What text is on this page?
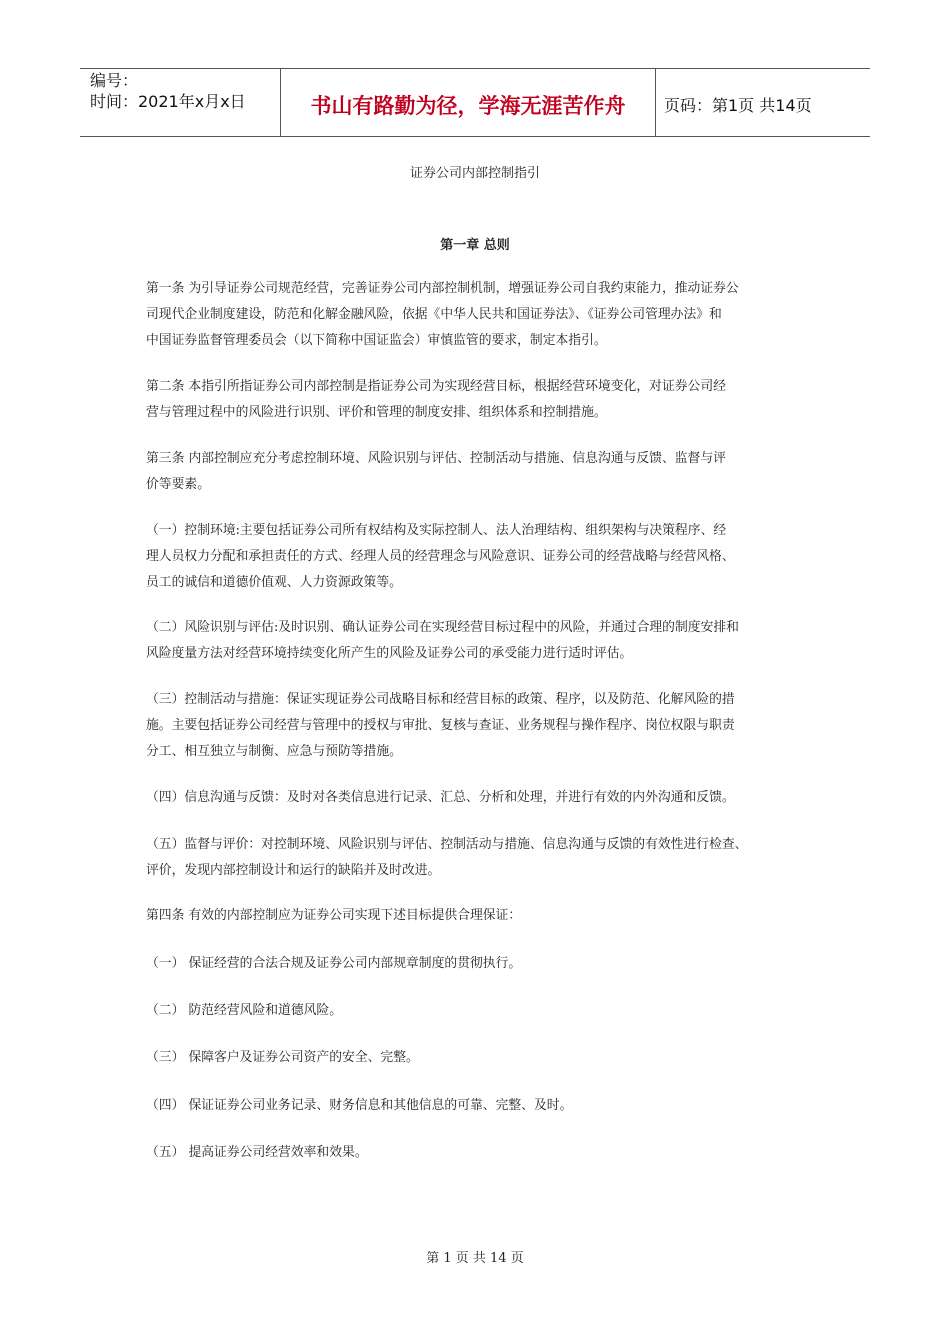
编号：
时间：2021年x月x日	书山有路勤为径，学海无涯苦作舟	页码：第1页 共14页
证券公司内部控制指引
第一章 总则
第一条 为引导证券公司规范经营，完善证券公司内部控制机制，增强证券公司自我约束能力，推动证券公
司现代企业制度建设，防范和化解金融风险，依据《中华人民共和国证券法》、《证券公司管理办法》和
中国证券监督管理委员会（以下简称中国证监会）审慎监管的要求，制定本指引。
第二条 本指引所指证券公司内部控制是指证券公司为实现经营目标，根据经营环境变化，对证券公司经
营与管理过程中的风险进行识别、评价和管理的制度安排、组织体系和控制措施。
第三条 内部控制应充分考虑控制环境、风险识别与评估、控制活动与措施、信息沟通与反馈、监督与评
价等要素。
（一）控制环境:主要包括证券公司所有权结构及实际控制人、法人治理结构、组织架构与决策程序、经
理人员权力分配和承担责任的方式、经理人员的经营理念与风险意识、证券公司的经营战略与经营风格、
员工的诚信和道德价值观、人力资源政策等。
（二）风险识别与评估:及时识别、确认证券公司在实现经营目标过程中的风险，并通过合理的制度安排和
风险度量方法对经营环境持续变化所产生的风险及证券公司的承受能力进行适时评估。
（三）控制活动与措施：保证实现证券公司战略目标和经营目标的政策、程序，以及防范、化解风险的措
施。主要包括证券公司经营与管理中的授权与审批、复核与查证、业务规程与操作程序、岗位权限与职责
分工、相互独立与制衡、应急与预防等措施。
（四）信息沟通与反馈：及时对各类信息进行记录、汇总、分析和处理，并进行有效的内外沟通和反馈。
（五）监督与评价：对控制环境、风险识别与评估、控制活动与措施、信息沟通与反馈的有效性进行检查、
评价，发现内部控制设计和运行的缺陷并及时改进。
第四条 有效的内部控制应为证券公司实现下述目标提供合理保证：
（一） 保证经营的合法合规及证券公司内部规章制度的贯彻执行。
（二） 防范经营风险和道德风险。
（三） 保障客户及证券公司资产的安全、完整。
（四） 保证证券公司业务记录、财务信息和其他信息的可靠、完整、及时。
（五） 提高证券公司经营效率和效果。
第 1 页 共 14 页
